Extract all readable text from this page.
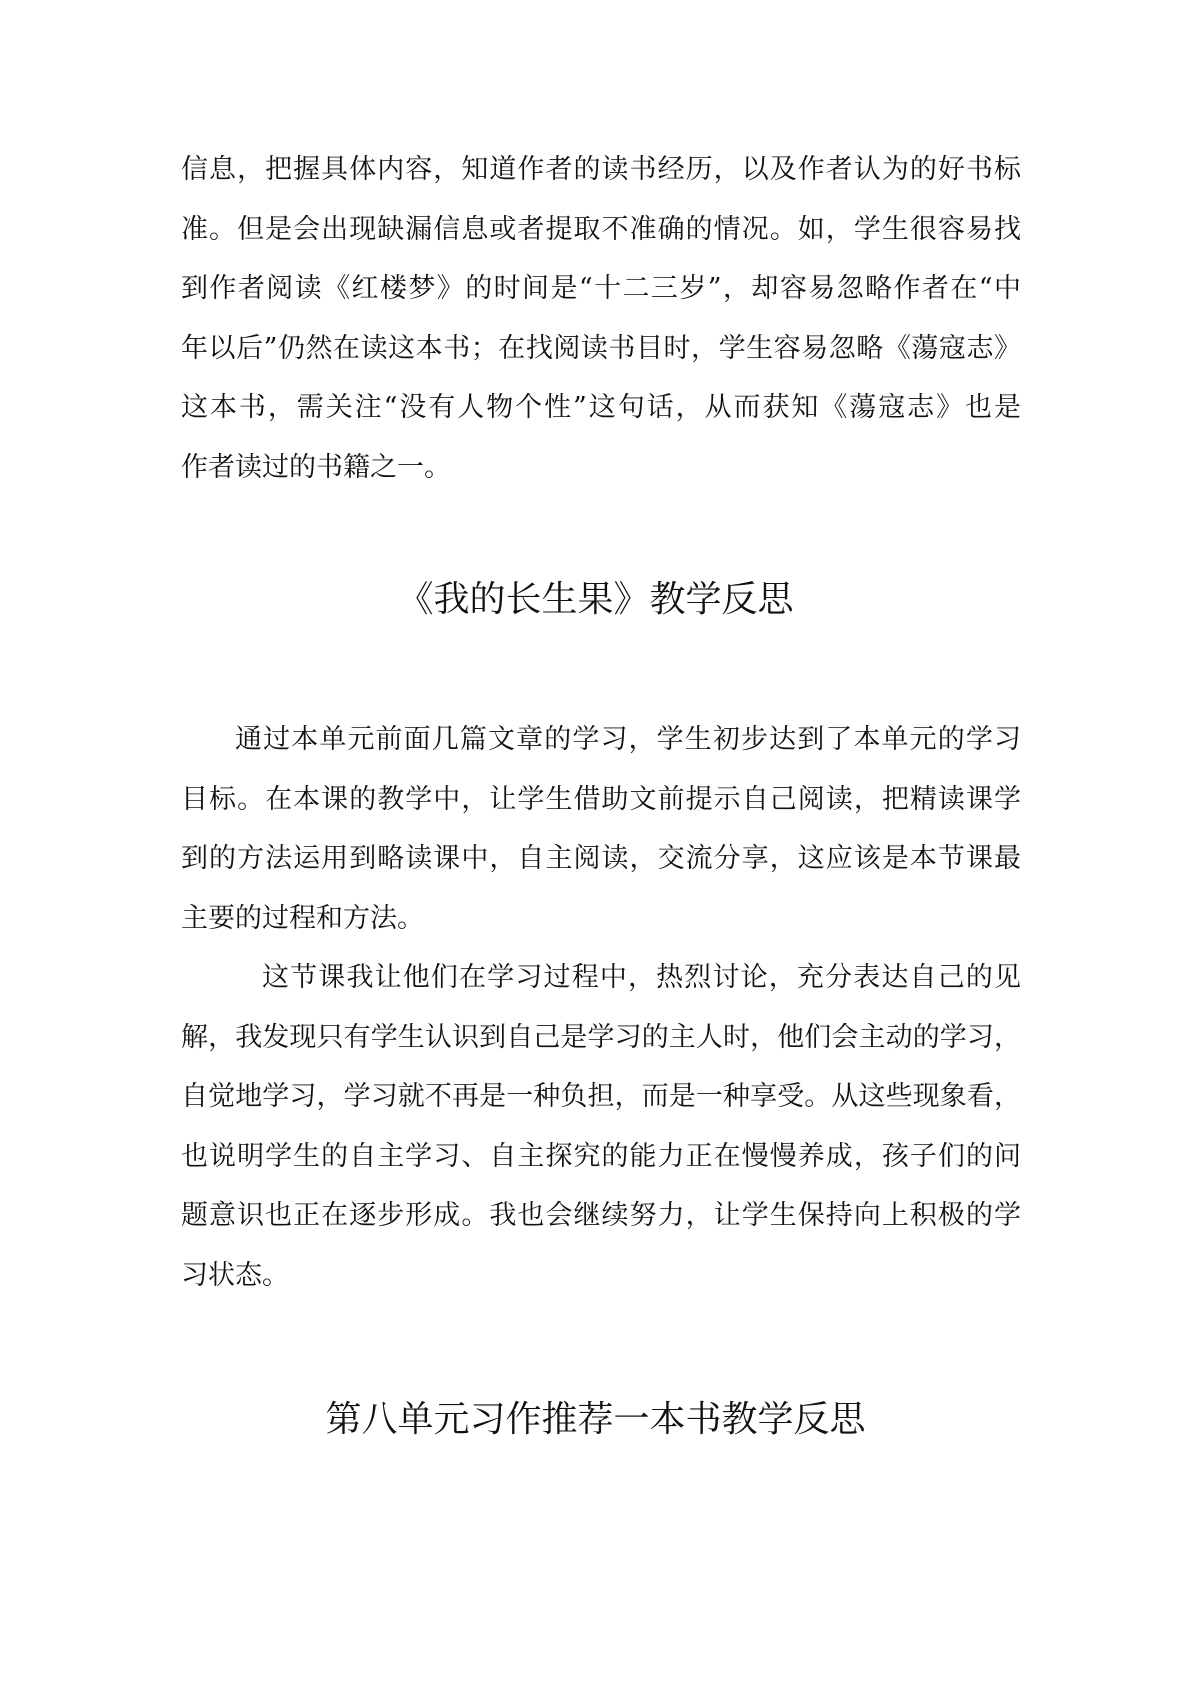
信息，把握具体内容，知道作者的读书经历，以及作者认为的好书标
准。但是会出现缺漏信息或者提取不准确的情况。如，学生很容易找
到作者阅读《红楼梦》的时间是“十二三岁”，却容易忽略作者在“中
年以后”仍然在读这本书；在找阅读书目时，学生容易忽略《蕩寇志》
这本书，需关注“没有人物个性”这句话，从而获知《蕩寇志》也是
作者读过的书籍之一。
《我的长生果》教学反思
通过本单元前面几篇文章的学习，学生初步达到了本单元的学习
目标。在本课的教学中，让学生借助文前提示自己阅读，把精读课学
到的方法运用到略读课中，自主阅读，交流分享，这应该是本节课最
主要的过程和方法。
这节课我让他们在学习过程中，热烈讨论，充分表达自己的见
解，我发现只有学生认识到自己是学习的主人时，他们会主动的学习，
自觉地学习，学习就不再是一种负担，而是一种享受。从这些现象看，
也说明学生的自主学习、自主探究的能力正在慢慢养成，孩子们的问
题意识也正在逐步形成。我也会继续努力，让学生保持向上积极的学
习状态。
第八单元习作推荐一本书教学反思
